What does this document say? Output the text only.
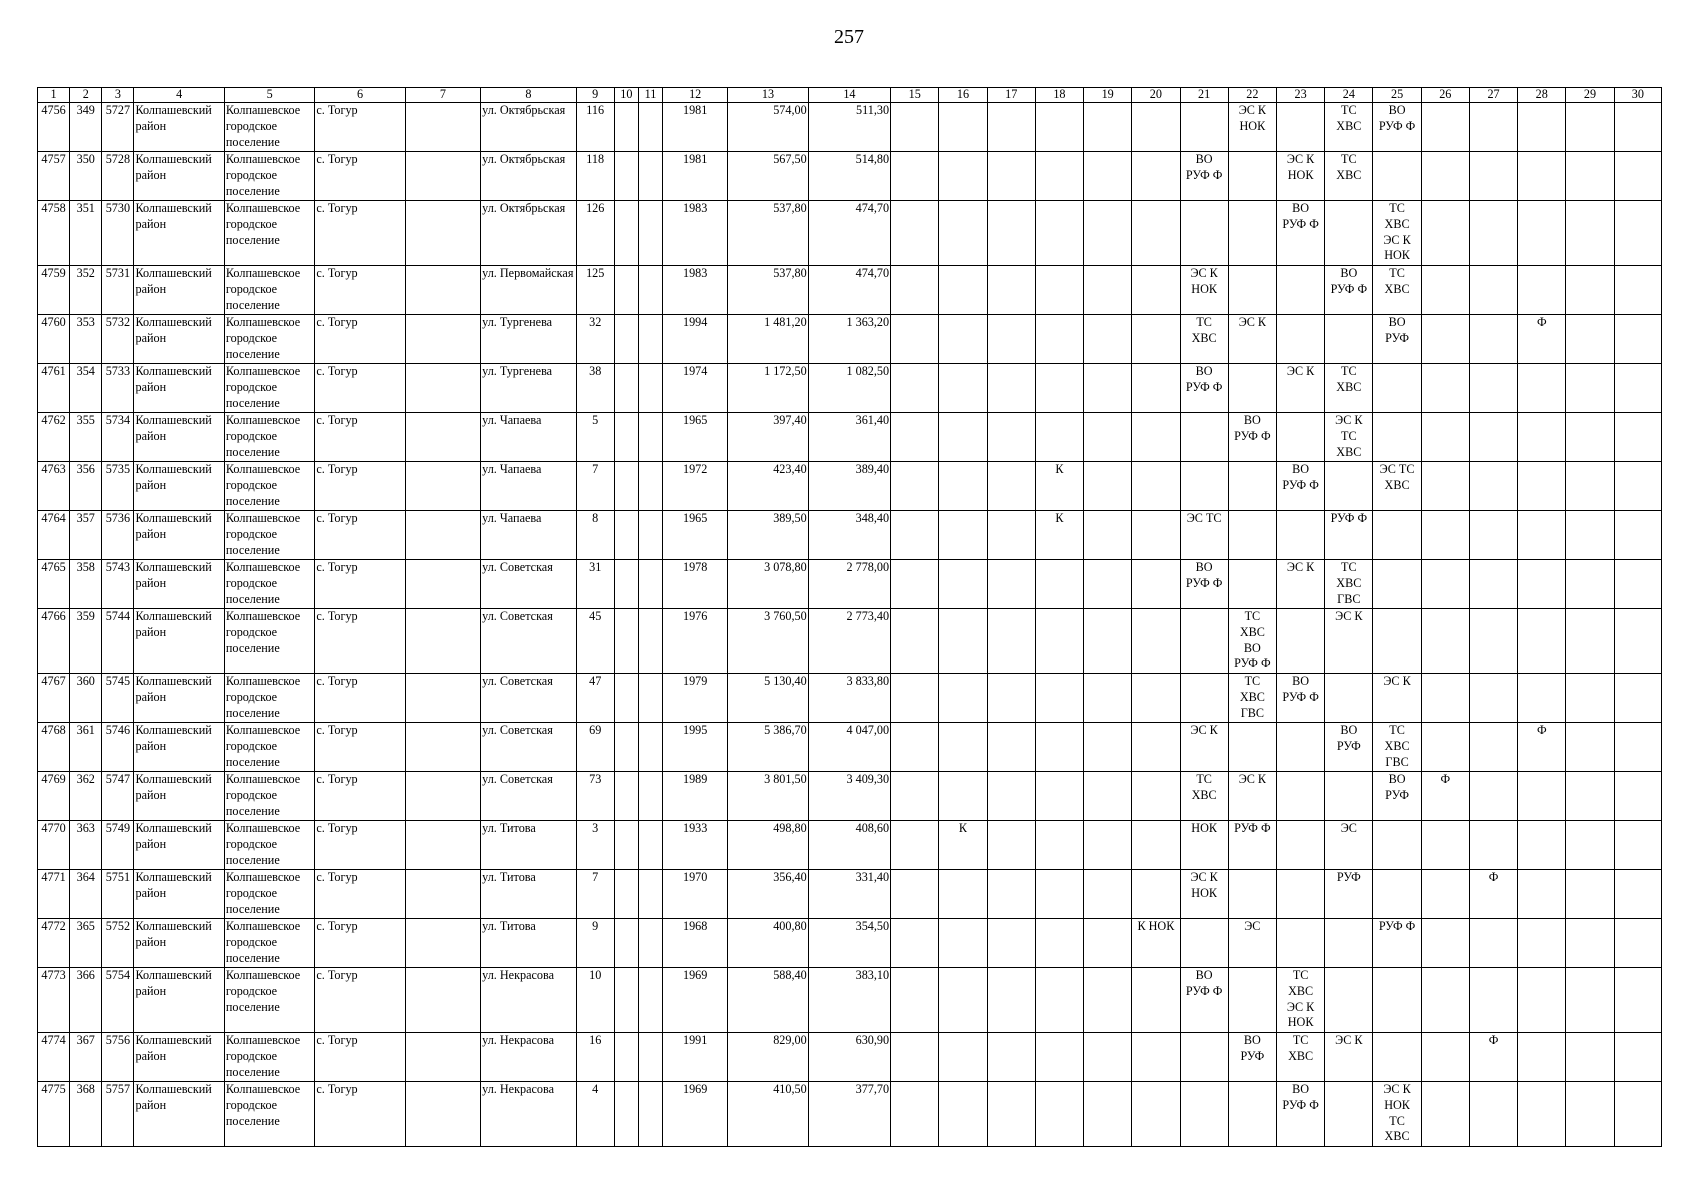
257
1	2	3	4	5	6	7	8	9	10	11	12	13	14	15	16	17	18	19	20	21	22	23	24	25	26	27	28	29	30
4756	349	5727	Колпашевский район	Колпашевское городское поселение	с. Тогур		ул. Октябрьская	116			1981	574,00	511,30								ЭС К
НОК		ТС
ХВС	ВО
РУФ Ф					
4757	350	5728	Колпашевский район	Колпашевское городское поселение	с. Тогур		ул. Октябрьская	118			1981	567,50	514,80							ВО
РУФ Ф		ЭС К
НОК	ТС
ХВС						
4758	351	5730	Колпашевский район	Колпашевское городское поселение	с. Тогур		ул. Октябрьская	126			1983	537,80	474,70									ВО
РУФ Ф		ТС
ХВС
ЭС К
НОК					
4759	352	5731	Колпашевский район	Колпашевское городское поселение	с. Тогур		ул. Первомайская	125			1983	537,80	474,70							ЭС К
НОК			ВО
РУФ Ф	ТС
ХВС					
4760	353	5732	Колпашевский район	Колпашевское городское поселение	с. Тогур		ул. Тургенева	32			1994	1 481,20	1 363,20							ТС
ХВС	ЭС К			ВО
РУФ			Ф		
4761	354	5733	Колпашевский район	Колпашевское городское поселение	с. Тогур		ул. Тургенева	38			1974	1 172,50	1 082,50							ВО
РУФ Ф		ЭС К	ТС
ХВС						
4762	355	5734	Колпашевский район	Колпашевское городское поселение	с. Тогур		ул. Чапаева	5			1965	397,40	361,40								ВО
РУФ Ф		ЭС К
ТС
ХВС						
4763	356	5735	Колпашевский район	Колпашевское городское поселение	с. Тогур		ул. Чапаева	7			1972	423,40	389,40				К					ВО
РУФ Ф		ЭС ТС
ХВС					
4764	357	5736	Колпашевский район	Колпашевское городское поселение	с. Тогур		ул. Чапаева	8			1965	389,50	348,40				К			ЭС ТС			РУФ Ф						
4765	358	5743	Колпашевский район	Колпашевское городское поселение	с. Тогур		ул. Советская	31			1978	3 078,80	2 778,00							ВО
РУФ Ф		ЭС К	ТС
ХВС
ГВС						
4766	359	5744	Колпашевский район	Колпашевское городское поселение	с. Тогур		ул. Советская	45			1976	3 760,50	2 773,40								ТС
ХВС
ВО
РУФ Ф		ЭС К						
4767	360	5745	Колпашевский район	Колпашевское городское поселение	с. Тогур		ул. Советская	47			1979	5 130,40	3 833,80								ТС
ХВС
ГВС	ВО
РУФ Ф		ЭС К					
4768	361	5746	Колпашевский район	Колпашевское городское поселение	с. Тогур		ул. Советская	69			1995	5 386,70	4 047,00							ЭС К			ВО
РУФ	ТС
ХВС
ГВС			Ф		
4769	362	5747	Колпашевский район	Колпашевское городское поселение	с. Тогур		ул. Советская	73			1989	3 801,50	3 409,30							ТС
ХВС	ЭС К			ВО
РУФ	Ф				
4770	363	5749	Колпашевский район	Колпашевское городское поселение	с. Тогур		ул. Титова	3			1933	498,80	408,60		К					НОК	РУФ Ф		ЭС						
4771	364	5751	Колпашевский район	Колпашевское городское поселение	с. Тогур		ул. Титова	7			1970	356,40	331,40							ЭС К
НОК			РУФ			Ф			
4772	365	5752	Колпашевский район	Колпашевское городское поселение	с. Тогур		ул. Титова	9			1968	400,80	354,50						К НОК		ЭС			РУФ Ф					
4773	366	5754	Колпашевский район	Колпашевское городское поселение	с. Тогур		ул. Некрасова	10			1969	588,40	383,10							ВО
РУФ Ф		ТС
ХВС
ЭС К
НОК							
4774	367	5756	Колпашевский район	Колпашевское городское поселение	с. Тогур		ул. Некрасова	16			1991	829,00	630,90								ВО
РУФ	ТС
ХВС	ЭС К			Ф			
4775	368	5757	Колпашевский район	Колпашевское городское поселение	с. Тогур		ул. Некрасова	4			1969	410,50	377,70									ВО
РУФ Ф		ЭС К
НОК
ТС
ХВС					
